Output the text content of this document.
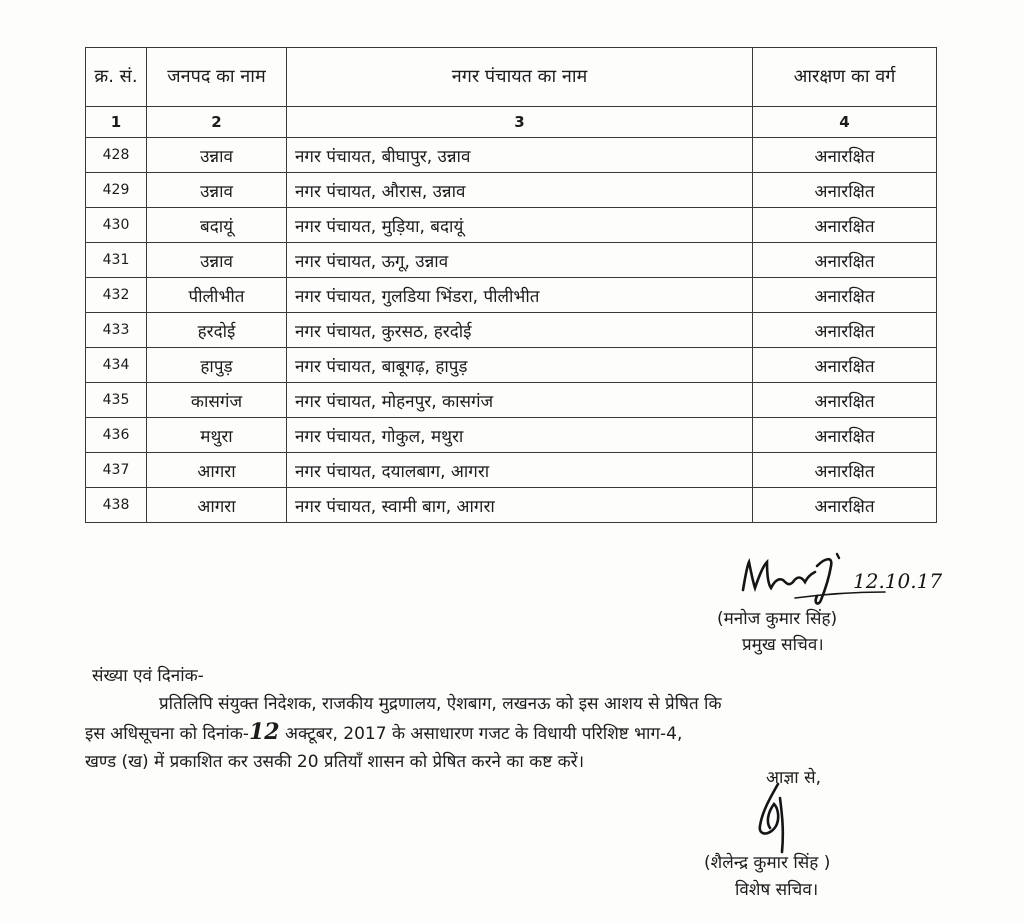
क्र. सं.	जनपद का नाम	नगर पंचायत का नाम	आरक्षण का वर्ग
1	2	3	4
428	उन्नाव	नगर पंचायत, बीघापुर, उन्नाव	अनारक्षित
429	उन्नाव	नगर पंचायत, औरास, उन्नाव	अनारक्षित
430	बदायूं	नगर पंचायत, मुड़िया, बदायूं	अनारक्षित
431	उन्नाव	नगर पंचायत, ऊगू, उन्नाव	अनारक्षित
432	पीलीभीत	नगर पंचायत, गुलडिया भिंडरा, पीलीभीत	अनारक्षित
433	हरदोई	नगर पंचायत, कुरसठ, हरदोई	अनारक्षित
434	हापुड़	नगर पंचायत, बाबूगढ़, हापुड़	अनारक्षित
435	कासगंज	नगर पंचायत, मोहनपुर, कासगंज	अनारक्षित
436	मथुरा	नगर पंचायत, गोकुल, मथुरा	अनारक्षित
437	आगरा	नगर पंचायत, दयालबाग, आगरा	अनारक्षित
438	आगरा	नगर पंचायत, स्वामी बाग, आगरा	अनारक्षित
12.10.17
(मनोज कुमार सिंह)
प्रमुख सचिव।
संख्या एवं दिनांक-

प्रतिलिपि संयुक्त निदेशक, राजकीय मुद्रणालय, ऐशबाग, लखनऊ को इस आशय से प्रेषित कि

इस अधिसूचना को दिनांक-12 अक्टूबर, 2017 के असाधारण गजट के विधायी परिशिष्ट भाग-4,

खण्ड (ख) में प्रकाशित कर उसकी 20 प्रतियाँ शासन को प्रेषित करने का कष्ट करें।

आज्ञा से,
(शैलेन्द्र कुमार सिंह )
विशेष सचिव।
